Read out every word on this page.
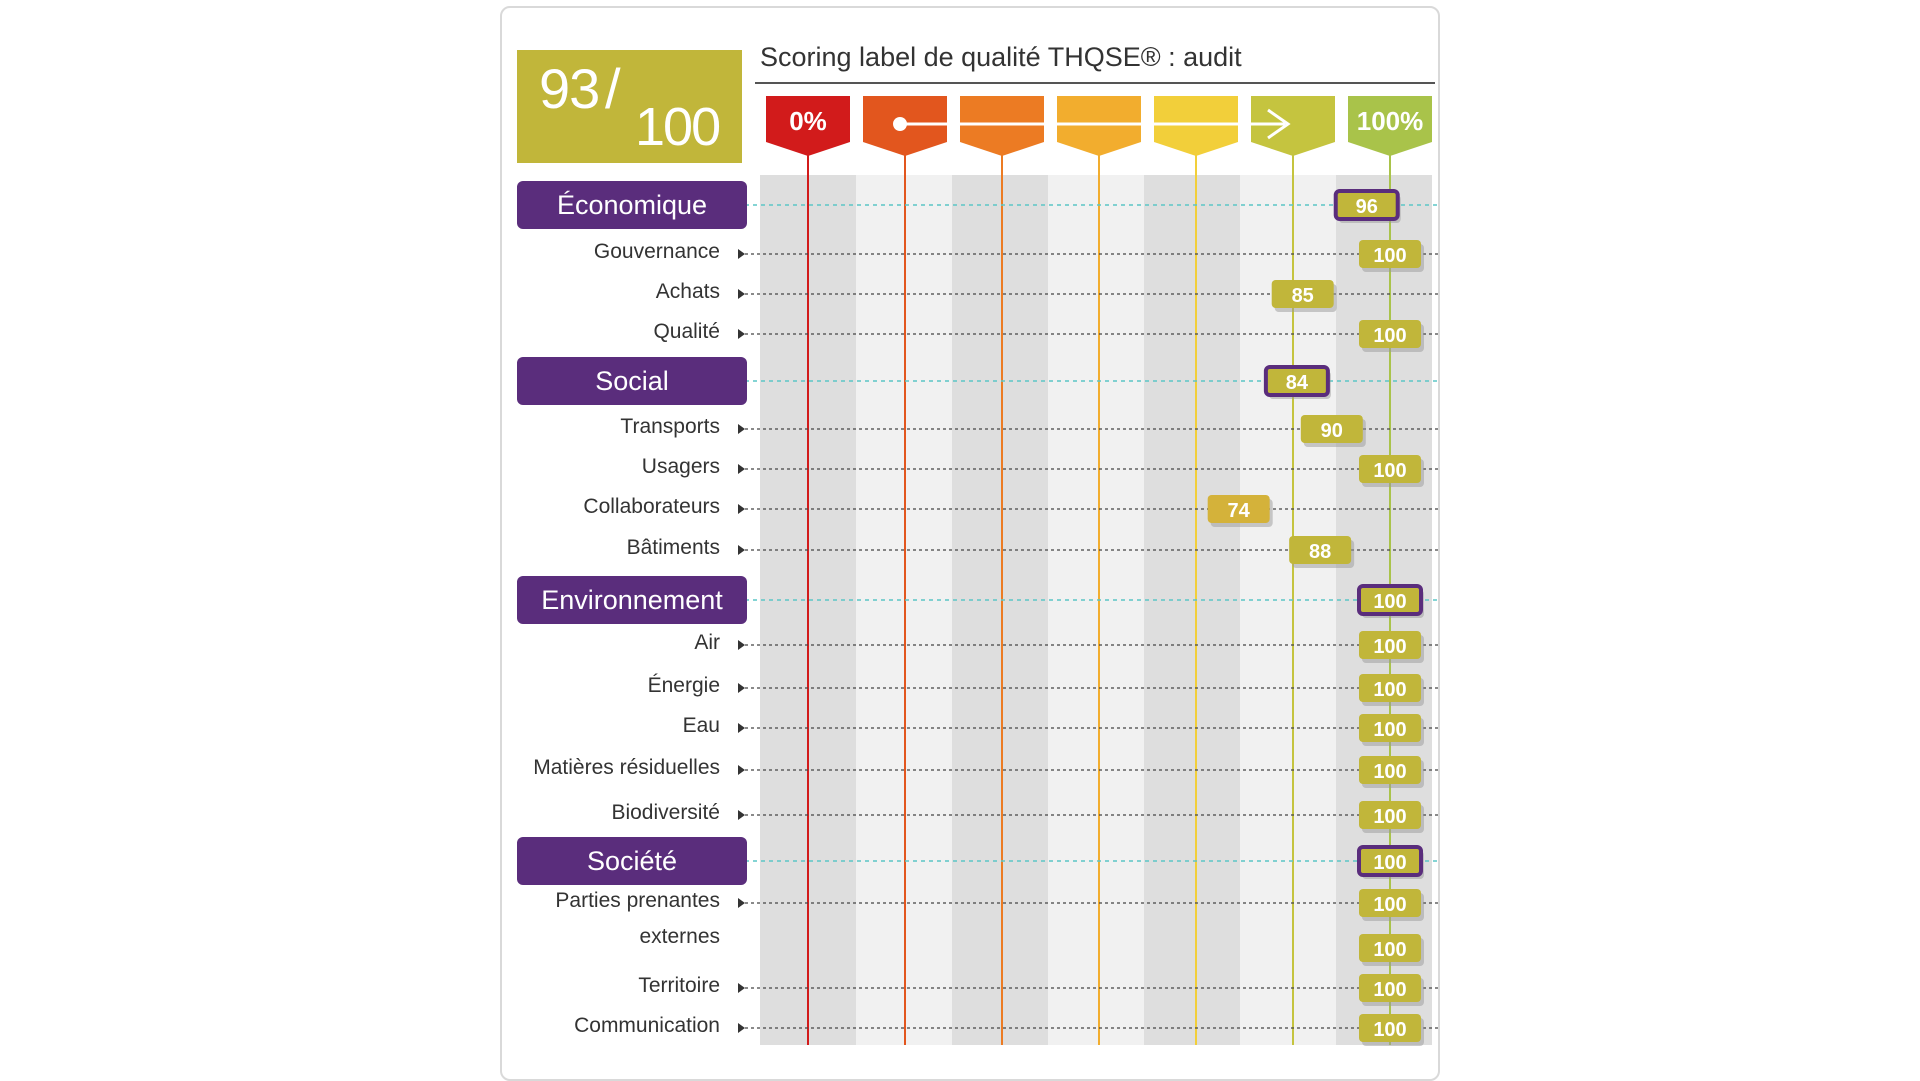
93 /
100
Scoring label de qualité THQSE® : audit
0%	100%
96
100
85
100
84
90
100
74
88
100
100
100
100
100
100
100
100
100
100
100
Économique
Gouvernance
Achats
Qualité
Social
Transports
Usagers
Collaborateurs
Bâtiments
Environnement
Air
Énergie
Eau
Matières résiduelles
Biodiversité
Société
Parties prenantes externes
Territoire
Communication
